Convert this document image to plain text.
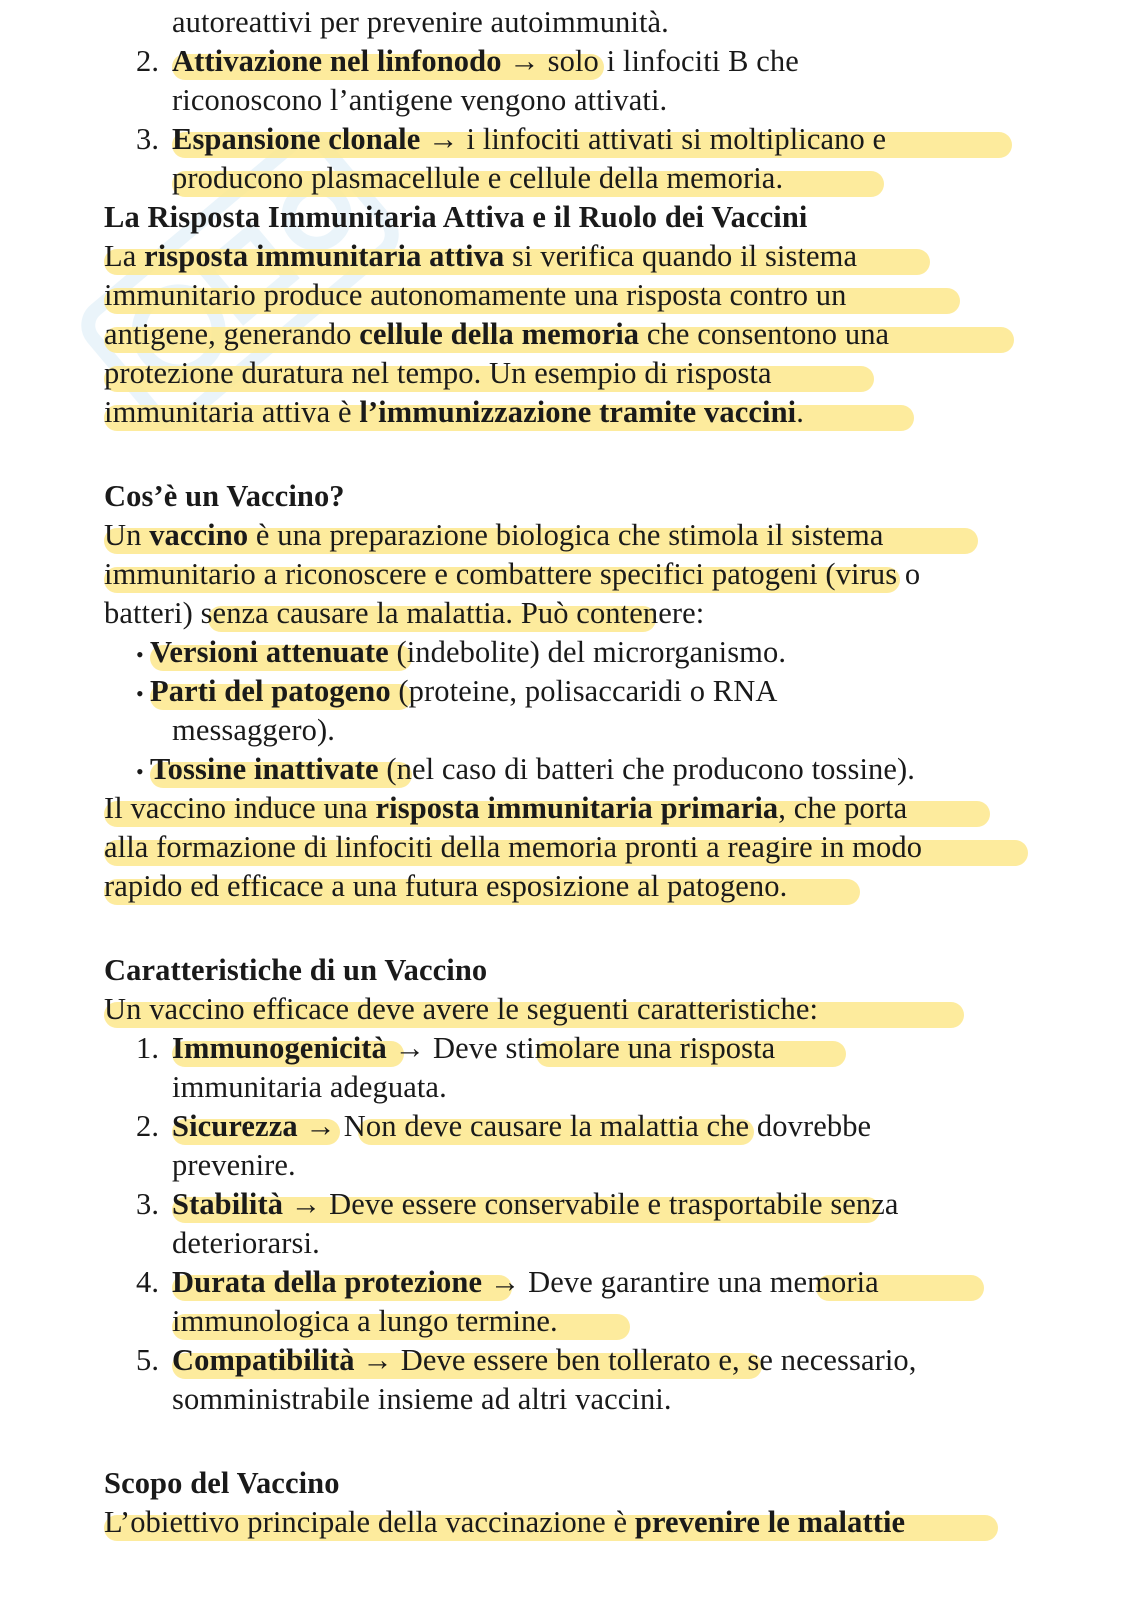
autoreattivi per prevenire autoimmunità.
2. Attivazione nel linfonodo → solo i linfociti B che
riconoscono l’antigene vengono attivati.
3. Espansione clonale → i linfociti attivati si moltiplicano e
producono plasmacellule e cellule della memoria.
La Risposta Immunitaria Attiva e il Ruolo dei Vaccini
La risposta immunitaria attiva si verifica quando il sistema
immunitario produce autonomamente una risposta contro un
antigene, generando cellule della memoria che consentono una
protezione duratura nel tempo. Un esempio di risposta
immunitaria attiva è l’immunizzazione tramite vaccini.
Cos’è un Vaccino?
Un vaccino è una preparazione biologica che stimola il sistema
immunitario a riconoscere e combattere specifici patogeni (virus o
batteri) senza causare la malattia. Può contenere:
• Versioni attenuate (indebolite) del microrganismo.
• Parti del patogeno (proteine, polisaccaridi o RNA
messaggero).
• Tossine inattivate (nel caso di batteri che producono tossine).
Il vaccino induce una risposta immunitaria primaria, che porta
alla formazione di linfociti della memoria pronti a reagire in modo
rapido ed efficace a una futura esposizione al patogeno.
Caratteristiche di un Vaccino
Un vaccino efficace deve avere le seguenti caratteristiche:
1. Immunogenicità → Deve stimolare una risposta
immunitaria adeguata.
2. Sicurezza → Non deve causare la malattia che dovrebbe
prevenire.
3. Stabilità → Deve essere conservabile e trasportabile senza
deteriorarsi.
4. Durata della protezione → Deve garantire una memoria
immunologica a lungo termine.
5. Compatibilità → Deve essere ben tollerato e, se necessario,
somministrabile insieme ad altri vaccini.
Scopo del Vaccino
L’obiettivo principale della vaccinazione è prevenire le malattie
